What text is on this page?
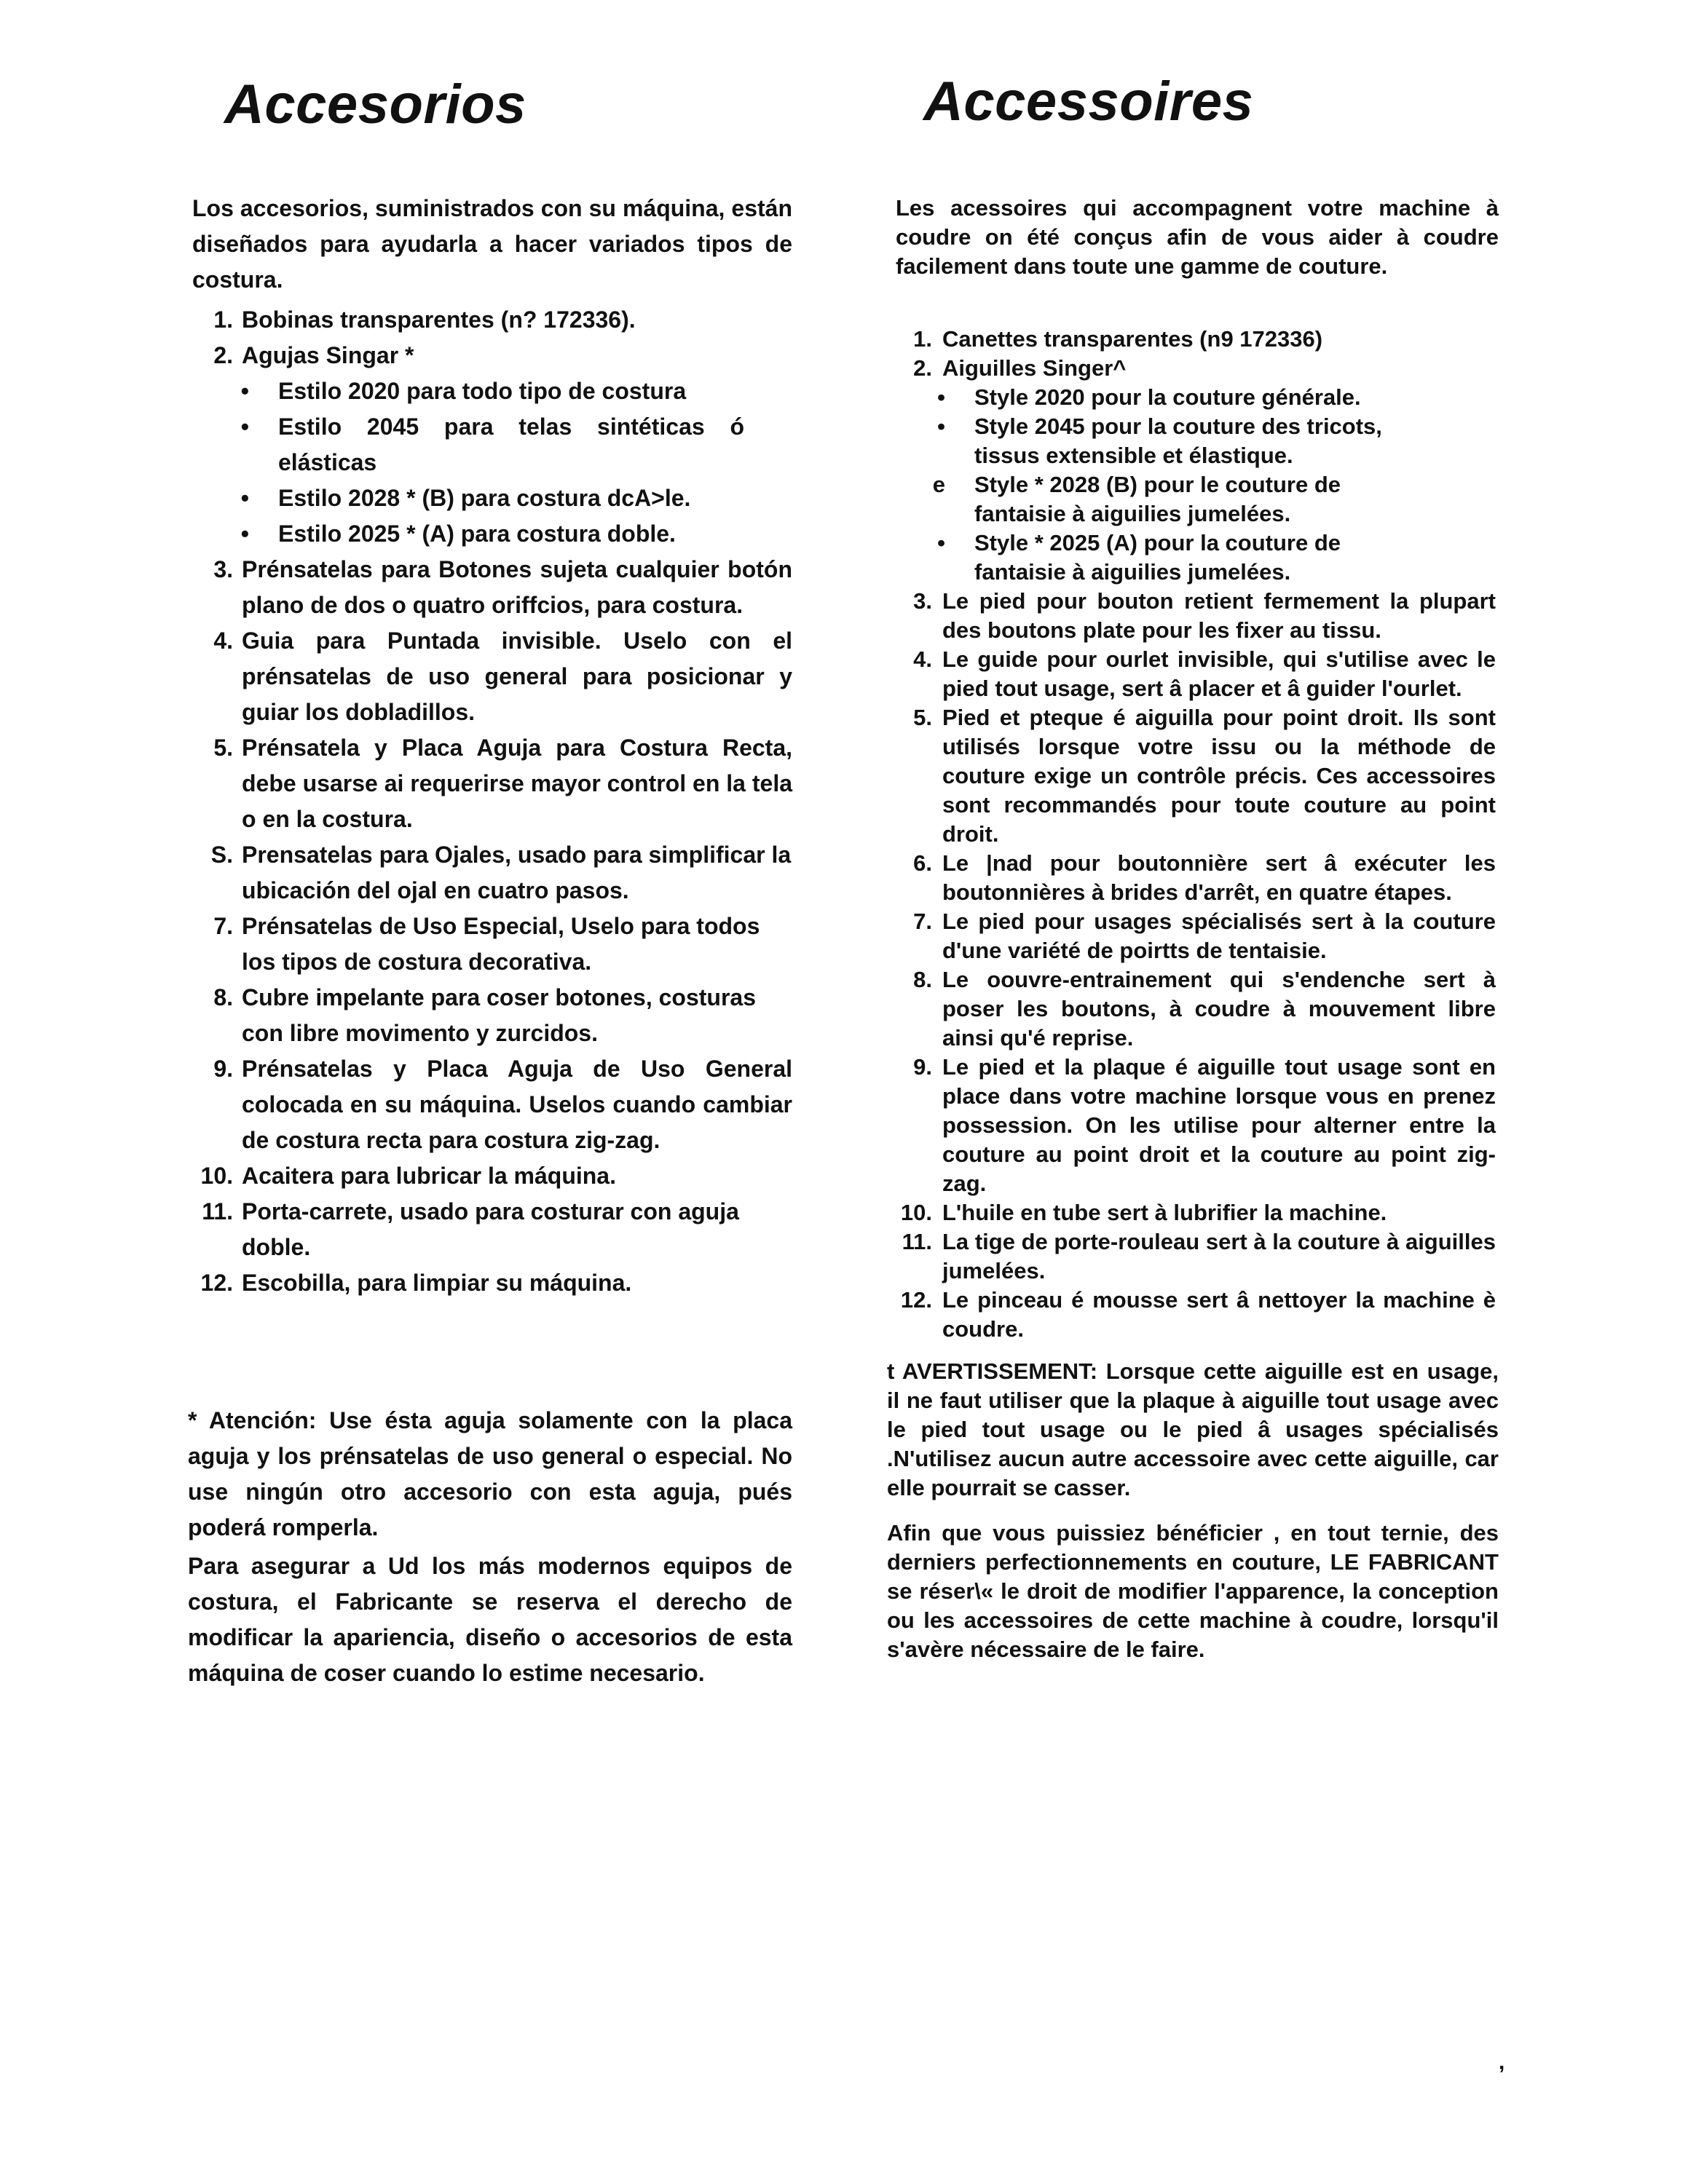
Accesorios

Los accesorios, suministrados con su máquina, están diseñados para ayudarla a hacer variados tipos de costura.

1. Bobinas transparentes (n? 172336).
2. Agujas Singar *
•	Estilo 2020 para todo tipo de costura
•	Estilo 2045 para telas sintéticas ó elásticas
•	Estilo 2028 * (B) para costura dcA>le.
•	Estilo 2025 * (A) para costura doble.
3. Prénsatelas para Botones sujeta cualquier botón plano de dos o quatro oriffcios, para costura.
4. Guia para Puntada invisible. Uselo con el prénsatelas de uso general para posicionar y guiar los dobladillos.
5. Prénsatela y Placa Aguja para Costura Recta, debe usarse ai requerirse mayor control en la tela o en la costura.
S. Prensatelas para Ojales, usado para simplificar la ubicación del ojal en cuatro pasos.
7. Prénsatelas de Uso Especial, Uselo para todos los tipos de costura decorativa.
8. Cubre impelante para coser botones, costuras con libre movimento y zurcidos.
9. Prénsatelas y Placa Aguja de Uso General colocada en su máquina. Uselos cuando cambiar de costura recta para costura zig-zag.
10. Acaitera para lubricar la máquina.
11. Porta-carrete, usado para costurar con aguja doble.
12. Escobilla, para limpiar su máquina.

* Atención: Use ésta aguja solamente con la placa aguja y los prénsatelas de uso general o especial. No use ningún otro accesorio con esta aguja, pués poderá romperla.

Para asegurar a Ud los más modernos equipos de costura, el Fabricante se reserva el derecho de modificar la apariencia, diseño o accesorios de esta máquina de coser cuando lo estime necesario.

Accessoires

Les acessoires qui accompagnent votre machine à coudre on été conçus afin de vous aider à coudre facilement dans toute une gamme de couture.

1. Canettes transparentes (n9 172336)
2. Aiguilles Singer^
•	Style 2020 pour la couture générale.
•	Style 2045 pour la couture des tricots, tissus extensible et élastique.
e	Style * 2028 (B) pour le couture de fantaisie à aiguilies jumelées.
•	Style * 2025 (A) pour la couture de fantaisie à aiguilies jumelées.
3. Le pied pour bouton retient fermement la plupart des boutons plate pour les fixer au tissu.
4. Le guide pour ourlet invisible, qui s'utilise avec le pied tout usage, sert â placer et â guider l'ourlet.
5. Pied et pteque é aiguilla pour point droit. Ils sont utilisés lorsque votre issu ou la méthode de couture exige un contrôle précis. Ces accessoires sont recommandés pour toute couture au point droit.
6. Le |nad pour boutonnière sert â exécuter les boutonnières à brides d'arrêt, en quatre étapes.
7. Le pied pour usages spécialisés sert à la couture d'une variété de poirtts de tentaisie.
8. Le oouvre-entrainement qui s'endenche sert à poser les boutons, à coudre à mouvement libre ainsi qu'é reprise.
9. Le pied et la plaque é aiguille tout usage sont en place dans votre machine lorsque vous en prenez possession. On les utilise pour alterner entre la couture au point droit et la couture au point zig-zag.
10. L'huile en tube sert à lubrifier la machine.
11. La tige de porte-rouleau sert à la couture à aiguilles jumelées.
12. Le pinceau é mousse sert â nettoyer la machine è coudre.

t AVERTISSEMENT: Lorsque cette aiguille est en usage, il ne faut utiliser que la plaque à aiguille tout usage avec le pied tout usage ou le pied â usages spécialisés .N'utilisez aucun autre accessoire avec cette aiguille, car elle pourrait se casser.

Afin que vous puissiez bénéficier , en tout ternie, des derniers perfectionnements en couture, LE FABRICANT se réser\« le droit de modifier l'apparence, la conception ou les accessoires de cette machine à coudre, lorsqu'il s'avère nécessaire de le faire.

,
